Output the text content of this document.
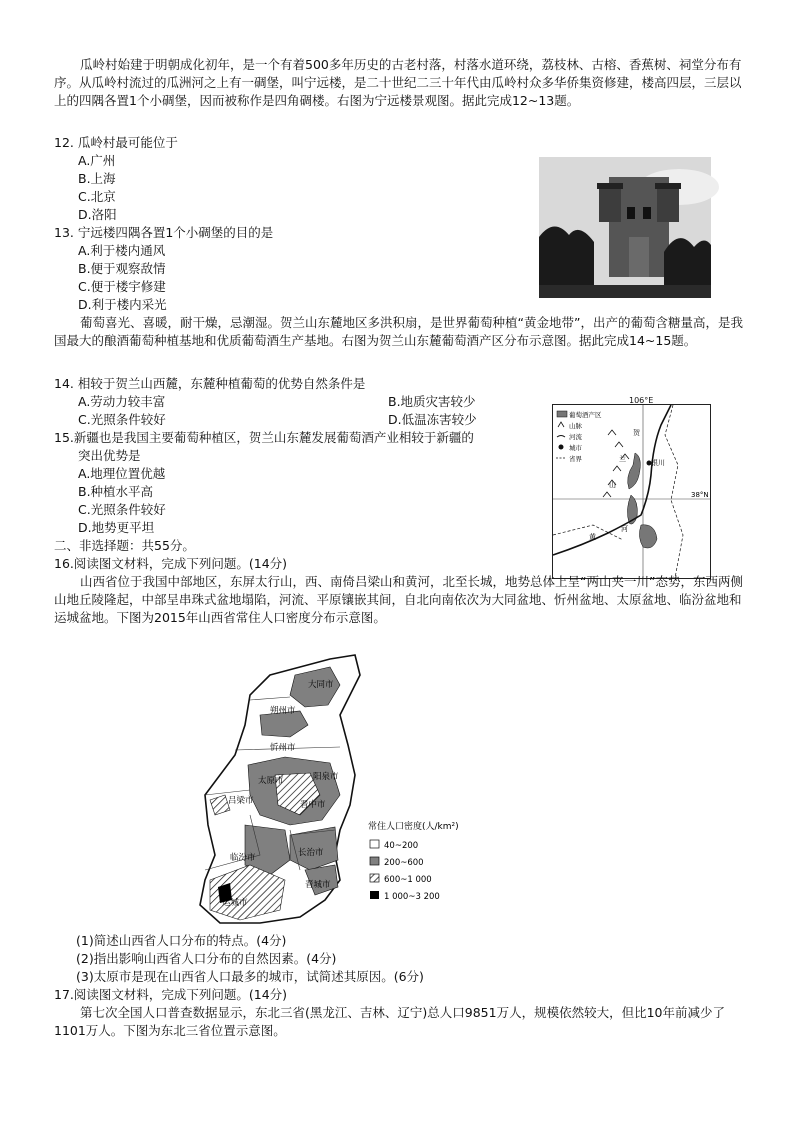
瓜岭村始建于明朝成化初年，是一个有着500多年历史的古老村落，村落水道环绕，荔枝林、古榕、香蕉树、祠堂分布有序。从瓜岭村流过的瓜洲河之上有一碉堡，叫宁远楼，是二十世纪二三十年代由瓜岭村众多华侨集资修建，楼高四层，三层以上的四隅各置1个小碉堡，因而被称作是四角碉楼。右图为宁远楼景观图。据此完成12~13题。

12. 瓜岭村最可能位于
A.广州
B.上海
C.北京
D.洛阳
13. 宁远楼四隅各置1个小碉堡的目的是
A.利于楼内通风
B.便于观察敌情
C.便于楼宇修建
D.利于楼内采光

葡萄喜光、喜暖，耐干燥，忌潮湿。贺兰山东麓地区多洪积扇，是世界葡萄种植“黄金地带”，出产的葡萄含糖量高，是我国最大的酿酒葡萄种植基地和优质葡萄酒生产基地。右图为贺兰山东麓葡萄酒产区分布示意图。据此完成14~15题。

14. 相较于贺兰山西麓，东麓种植葡萄的优势自然条件是
A.劳动力较丰富	B.地质灾害较少
C.光照条件较好	D.低温冻害较少
15.新疆也是我国主要葡萄种植区，贺兰山东麓发展葡萄酒产业相较于新疆的
突出优势是
A.地理位置优越
B.种植水平高
C.光照条件较好
D.地势更平坦
106°E
葡萄酒产区
山脉
河流
城市
省界	银川
贺
兰
山
黄
河
38°N
二、非选择题：共55分。
16.阅读图文材料，完成下列问题。(14分)

山西省位于我国中部地区，东屏太行山，西、南倚吕梁山和黄河，北至长城，地势总体上呈“两山夹一川”态势，东西两侧山地丘陵隆起，中部呈串珠式盆地塌陷，河流、平原镶嵌其间，自北向南依次为大同盆地、忻州盆地、太原盆地、临汾盆地和运城盆地。下图为2015年山西省常住人口密度分布示意图。

大同市
朔州市
忻州市
太原市	阳泉市
吕梁市	晋中市
临汾市	长治市
晋城市
运城市
常住人口密度(人/km²)
40~200
200~600
600~1 000
1 000~3 200
(1)简述山西省人口分布的特点。(4分)
(2)指出影响山西省人口分布的自然因素。(4分)
(3)太原市是现在山西省人口最多的城市，试简述其原因。(6分)
17.阅读图文材料，完成下列问题。(14分)

第七次全国人口普查数据显示，东北三省(黑龙江、吉林、辽宁)总人口9851万人，规模依然较大，但比10年前减少了1101万人。下图为东北三省位置示意图。
